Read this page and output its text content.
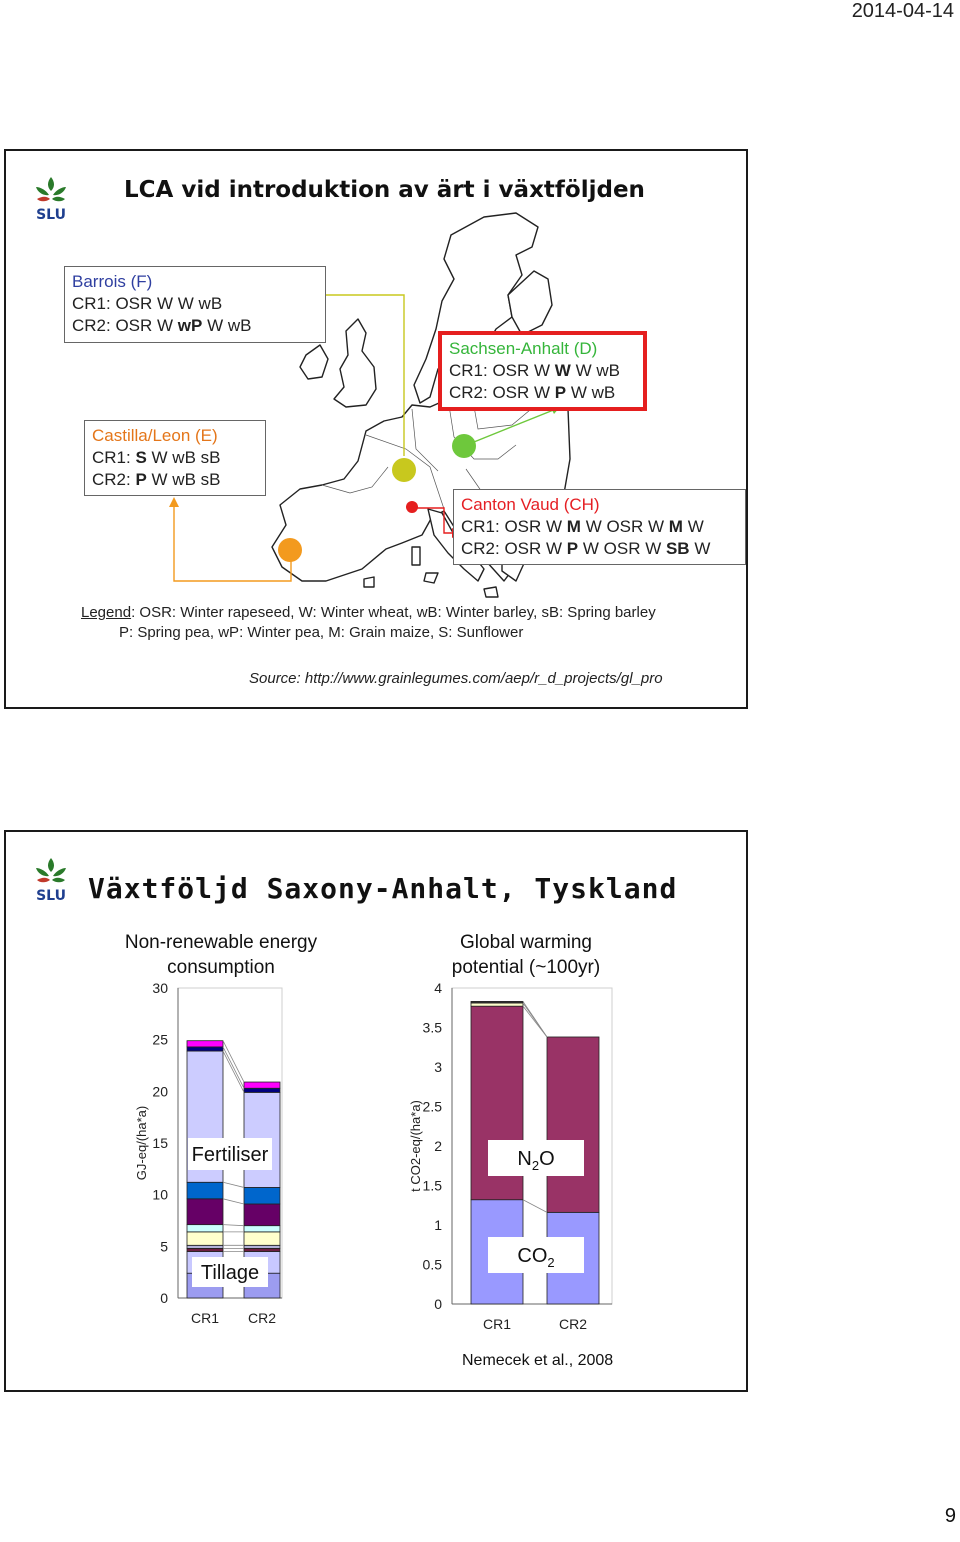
2014-04-14
SLU
LCA vid introduktion av ärt i växtföljden
Barrois (F)
CR1: OSR W W wB
CR2: OSR W wP W wB
Castilla/Leon (E)
CR1: S W wB sB
CR2: P W wB sB
Sachsen-Anhalt (D)
CR1: OSR W W W wB
CR2: OSR W P W wB
Canton Vaud (CH)
CR1: OSR W M W OSR W M W
CR2: OSR W P W OSR W SB W
Legend: OSR: Winter rapeseed, W: Winter wheat, wB: Winter barley, sB: Spring barley
P: Spring pea, wP: Winter pea, M: Grain maize, S: Sunflower
Source: http://www.grainlegumes.com/aep/r_d_projects/gl_pro
SLU Växtföljd Saxony-Anhalt, Tyskland
Non-renewable energy consumption
Global warming potential (~100yr)
0
5
10
15
20
25
30
GJ-eq/(ha*a)
CR1 CR2
Fertiliser
Tillage
0
0.5
1
1.5
2
2.5
3
3.5
4
t CO2-eq/(ha*a)
CR1	CR2
$N_2O$
$CO_2$
Nemecek et al., 2008
9
